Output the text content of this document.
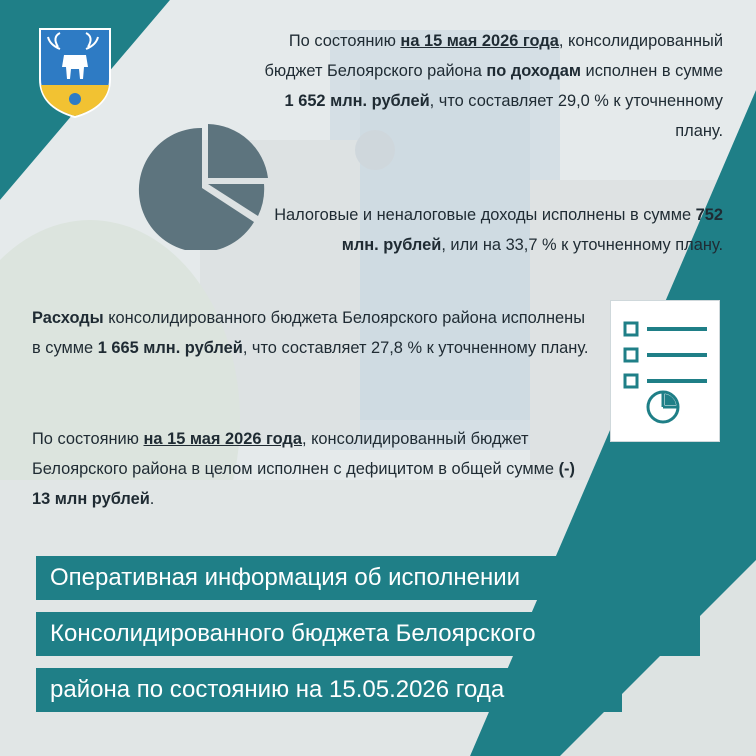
По состоянию на 15 мая 2026 года, консолидированный бюджет Белоярского района по доходам исполнен в сумме 1 652 млн. рублей, что составляет 29,0 % к уточненному плану.
Налоговые и неналоговые доходы исполнены в сумме 752 млн. рублей, или на 33,7 % к уточненному плану.
Расходы консолидированного бюджета Белоярского района исполнены в сумме 1 665 млн. рублей, что составляет 27,8 % к уточненному плану.
По состоянию на 15 мая 2026 года, консолидированный бюджет Белоярского района в целом исполнен с дефицитом в общей сумме (-) 13 млн рублей.
Оперативная информация об исполнении
Консолидированного бюджета Белоярского
района по состоянию на 15.05.2026 года
